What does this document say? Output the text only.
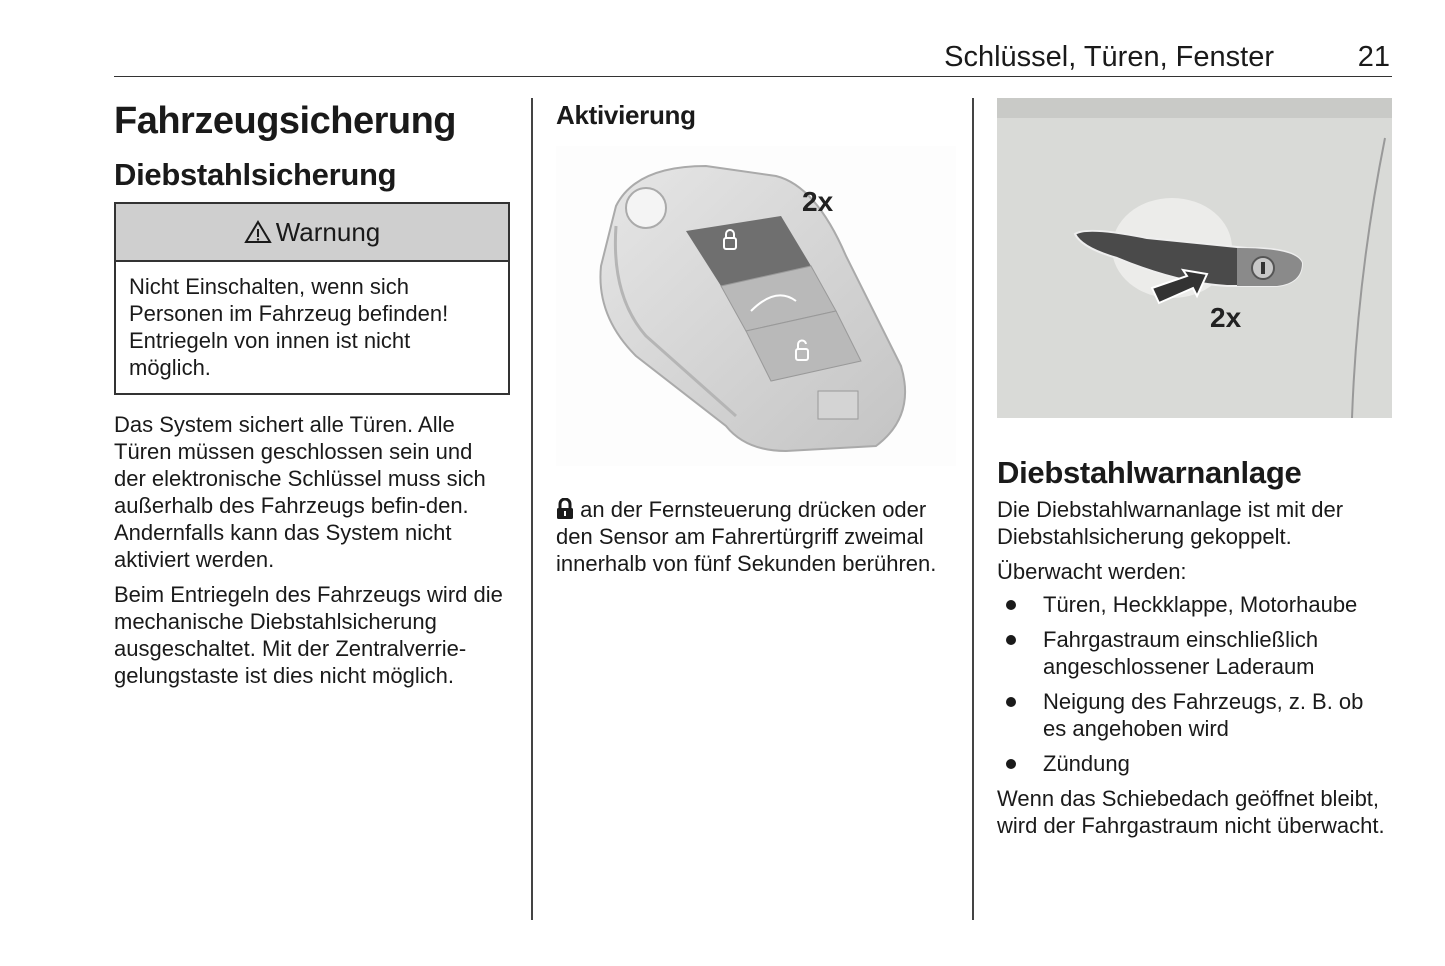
Schlüssel, Türen, Fenster	21
Fahrzeugsicherung
Diebstahlsicherung
Warnung
Nicht Einschalten, wenn sich Personen im Fahrzeug befinden! Entriegeln von innen ist nicht möglich.

Das System sichert alle Türen. Alle Türen müssen geschlossen sein und der elektronische Schlüssel muss sich außerhalb des Fahrzeugs befin-den. Andernfalls kann das System nicht aktiviert werden.

Beim Entriegeln des Fahrzeugs wird die mechanische Diebstahlsicherung ausgeschaltet. Mit der Zentralverrie-gelungstaste ist dies nicht möglich.

Aktivierung
2x

an der Fernsteuerung drücken oder den Sensor am Fahrertürgriff zweimal innerhalb von fünf Sekunden berühren.

2x
Diebstahlwarnanlage

Die Diebstahlwarnanlage ist mit der Diebstahlsicherung gekoppelt.

Überwacht werden:

Türen, Heckklappe, Motorhaube
Fahrgastraum einschließlich angeschlossener Laderaum
Neigung des Fahrzeugs, z. B. ob es angehoben wird
Zündung

Wenn das Schiebedach geöffnet bleibt, wird der Fahrgastraum nicht überwacht.
